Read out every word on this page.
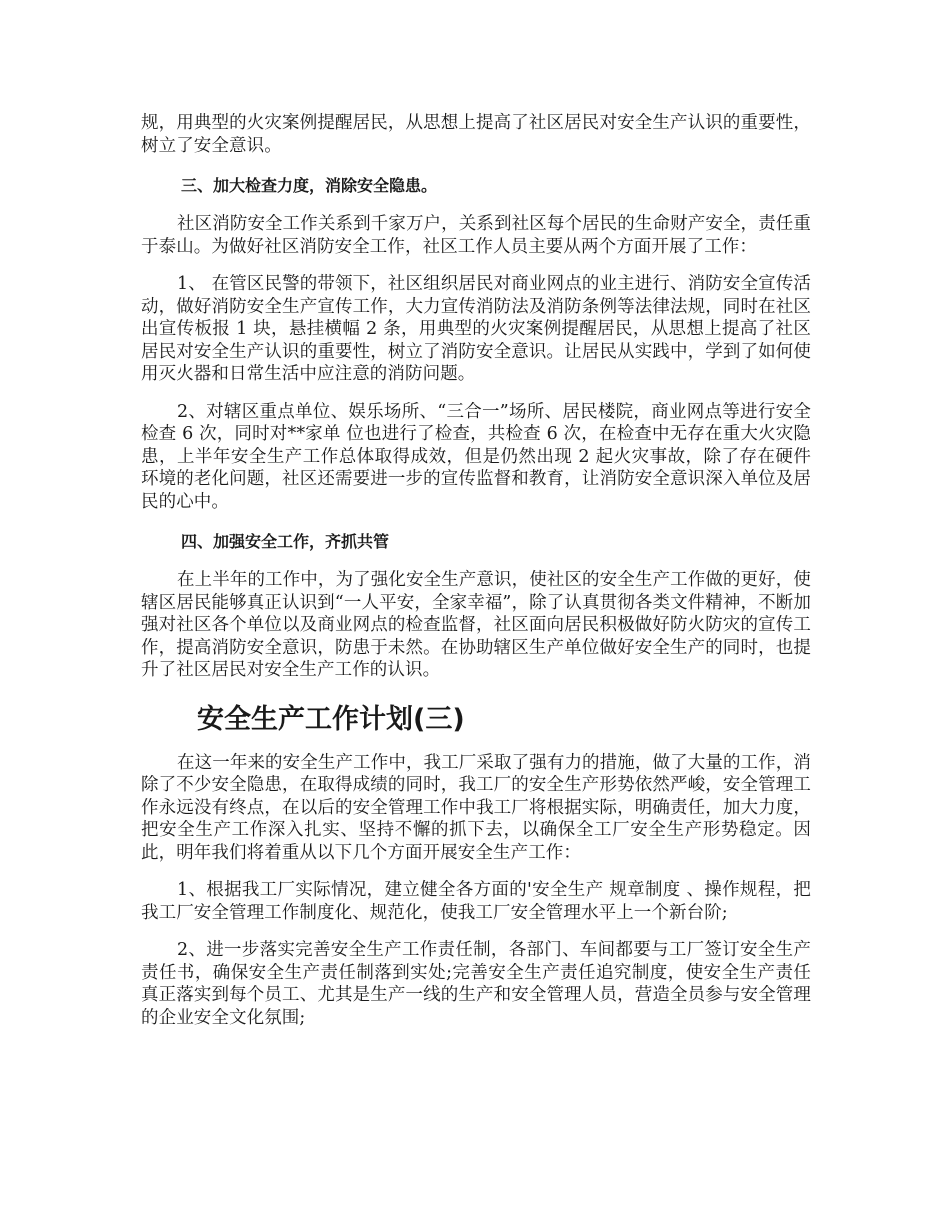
规，用典型的火灾案例提醒居民，从思想上提高了社区居民对安全生产认识的重要性，树立了安全意识。

三、加大检查力度，消除安全隐患。

社区消防安全工作关系到千家万户，关系到社区每个居民的生命财产安全，责任重于泰山。为做好社区消防安全工作，社区工作人员主要从两个方面开展了工作：

1、 在管区民警的带领下，社区组织居民对商业网点的业主进行、消防安全宣传活动，做好消防安全生产宣传工作，大力宣传消防法及消防条例等法律法规，同时在社区出宣传板报 1 块，悬挂横幅 2 条，用典型的火灾案例提醒居民，从思想上提高了社区居民对安全生产认识的重要性，树立了消防安全意识。让居民从实践中，学到了如何使用灭火器和日常生活中应注意的消防问题。

2、对辖区重点单位、娱乐场所、“三合一”场所、居民楼院，商业网点等进行安全检查 6 次，同时对**家单 位也进行了检查，共检查 6 次，在检查中无存在重大火灾隐患，上半年安全生产工作总体取得成效，但是仍然出现 2 起火灾事故，除了存在硬件环境的老化问题，社区还需要进一步的宣传监督和教育，让消防安全意识深入单位及居民的心中。

四、加强安全工作，齐抓共管

在上半年的工作中，为了强化安全生产意识，使社区的安全生产工作做的更好，使辖区居民能够真正认识到“一人平安，全家幸福”，除了认真贯彻各类文件精神，不断加强对社区各个单位以及商业网点的检查监督，社区面向居民积极做好防火防灾的宣传工作，提高消防安全意识，防患于未然。在协助辖区生产单位做好安全生产的同时，也提升了社区居民对安全生产工作的认识。

安全生产工作计划(三)

在这一年来的安全生产工作中，我工厂采取了强有力的措施，做了大量的工作，消除了不少安全隐患，在取得成绩的同时，我工厂的安全生产形势依然严峻，安全管理工作永远没有终点，在以后的安全管理工作中我工厂将根据实际，明确责任，加大力度，把安全生产工作深入扎实、坚持不懈的抓下去，以确保全工厂安全生产形势稳定。因此，明年我们将着重从以下几个方面开展安全生产工作：

1、根据我工厂实际情况，建立健全各方面的'安全生产 规章制度 、操作规程，把我工厂安全管理工作制度化、规范化，使我工厂安全管理水平上一个新台阶;

2、进一步落实完善安全生产工作责任制，各部门、车间都要与工厂签订安全生产责任书，确保安全生产责任制落到实处;完善安全生产责任追究制度，使安全生产责任真正落实到每个员工、尤其是生产一线的生产和安全管理人员，营造全员参与安全管理的企业安全文化氛围;
